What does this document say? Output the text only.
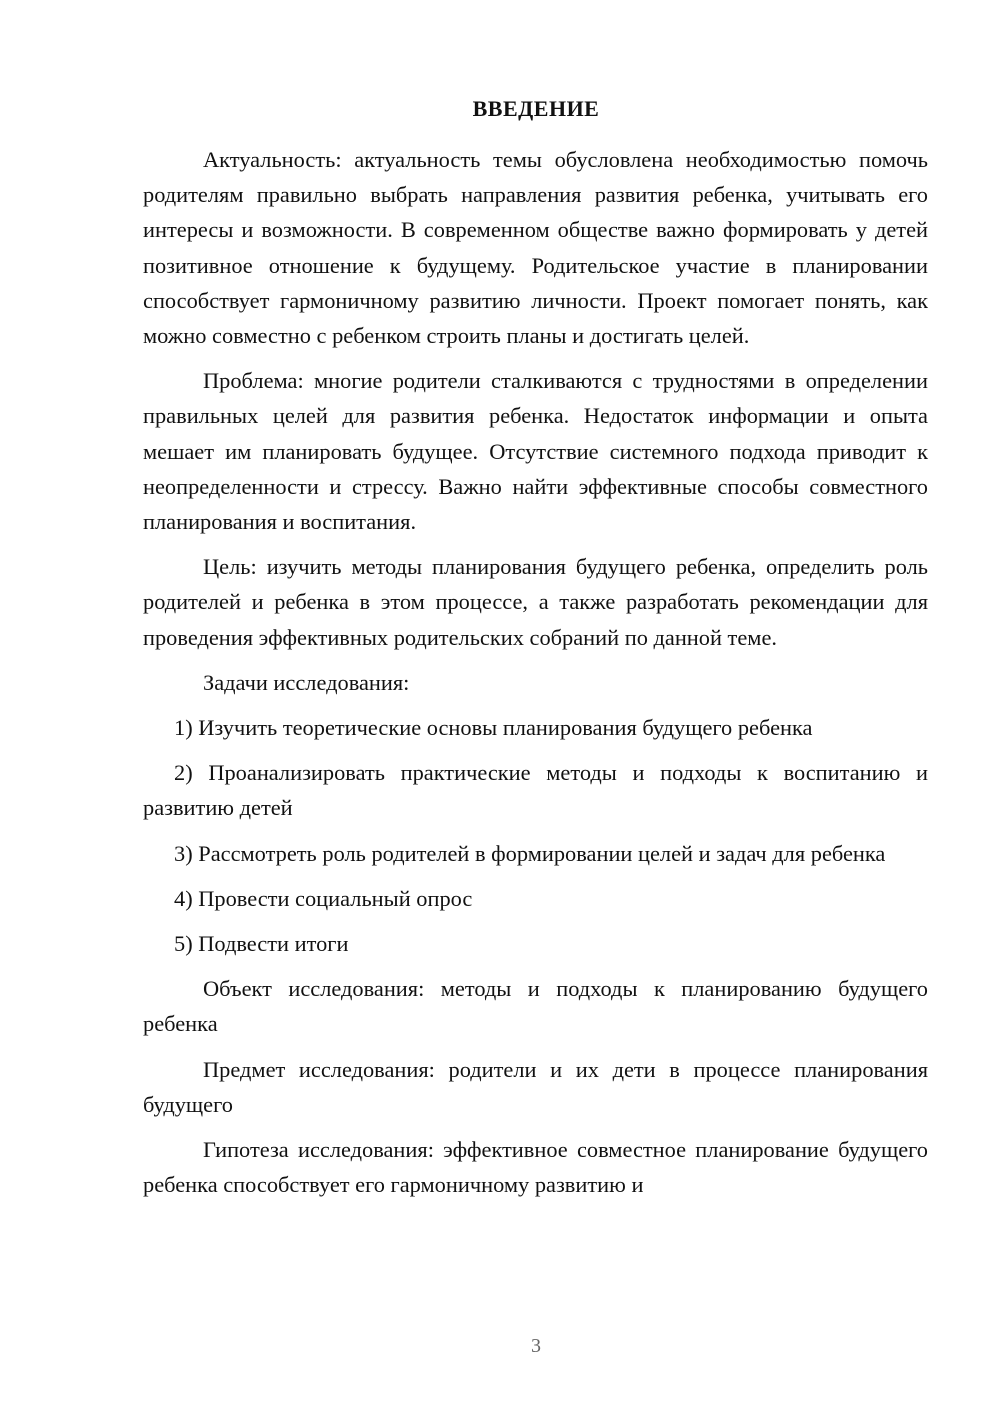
ВВЕДЕНИЕ

Актуальность: актуальность темы обусловлена необходимостью помочь родителям правильно выбрать направления развития ребенка, учитывать его интересы и возможности. В современном обществе важно формировать у детей позитивное отношение к будущему. Родительское участие в планировании способствует гармоничному развитию личности. Проект помогает понять, как можно совместно с ребенком строить планы и достигать целей.

Проблема: многие родители сталкиваются с трудностями в определении правильных целей для развития ребенка. Недостаток информации и опыта мешает им планировать будущее. Отсутствие системного подхода приводит к неопределенности и стрессу. Важно найти эффективные способы совместного планирования и воспитания.

Цель: изучить методы планирования будущего ребенка, определить роль родителей и ребенка в этом процессе, а также разработать рекомендации для проведения эффективных родительских собраний по данной теме.

Задачи исследования:

1) Изучить теоретические основы планирования будущего ребенка

2) Проанализировать практические методы и подходы к воспитанию и развитию детей

3) Рассмотреть роль родителей в формировании целей и задач для ребенка

4) Провести социальный опрос

5) Подвести итоги

Объект исследования: методы и подходы к планированию будущего ребенка

Предмет исследования: родители и их дети в процессе планирования будущего

Гипотеза исследования: эффективное совместное планирование будущего ребенка способствует его гармоничному развитию и

3
